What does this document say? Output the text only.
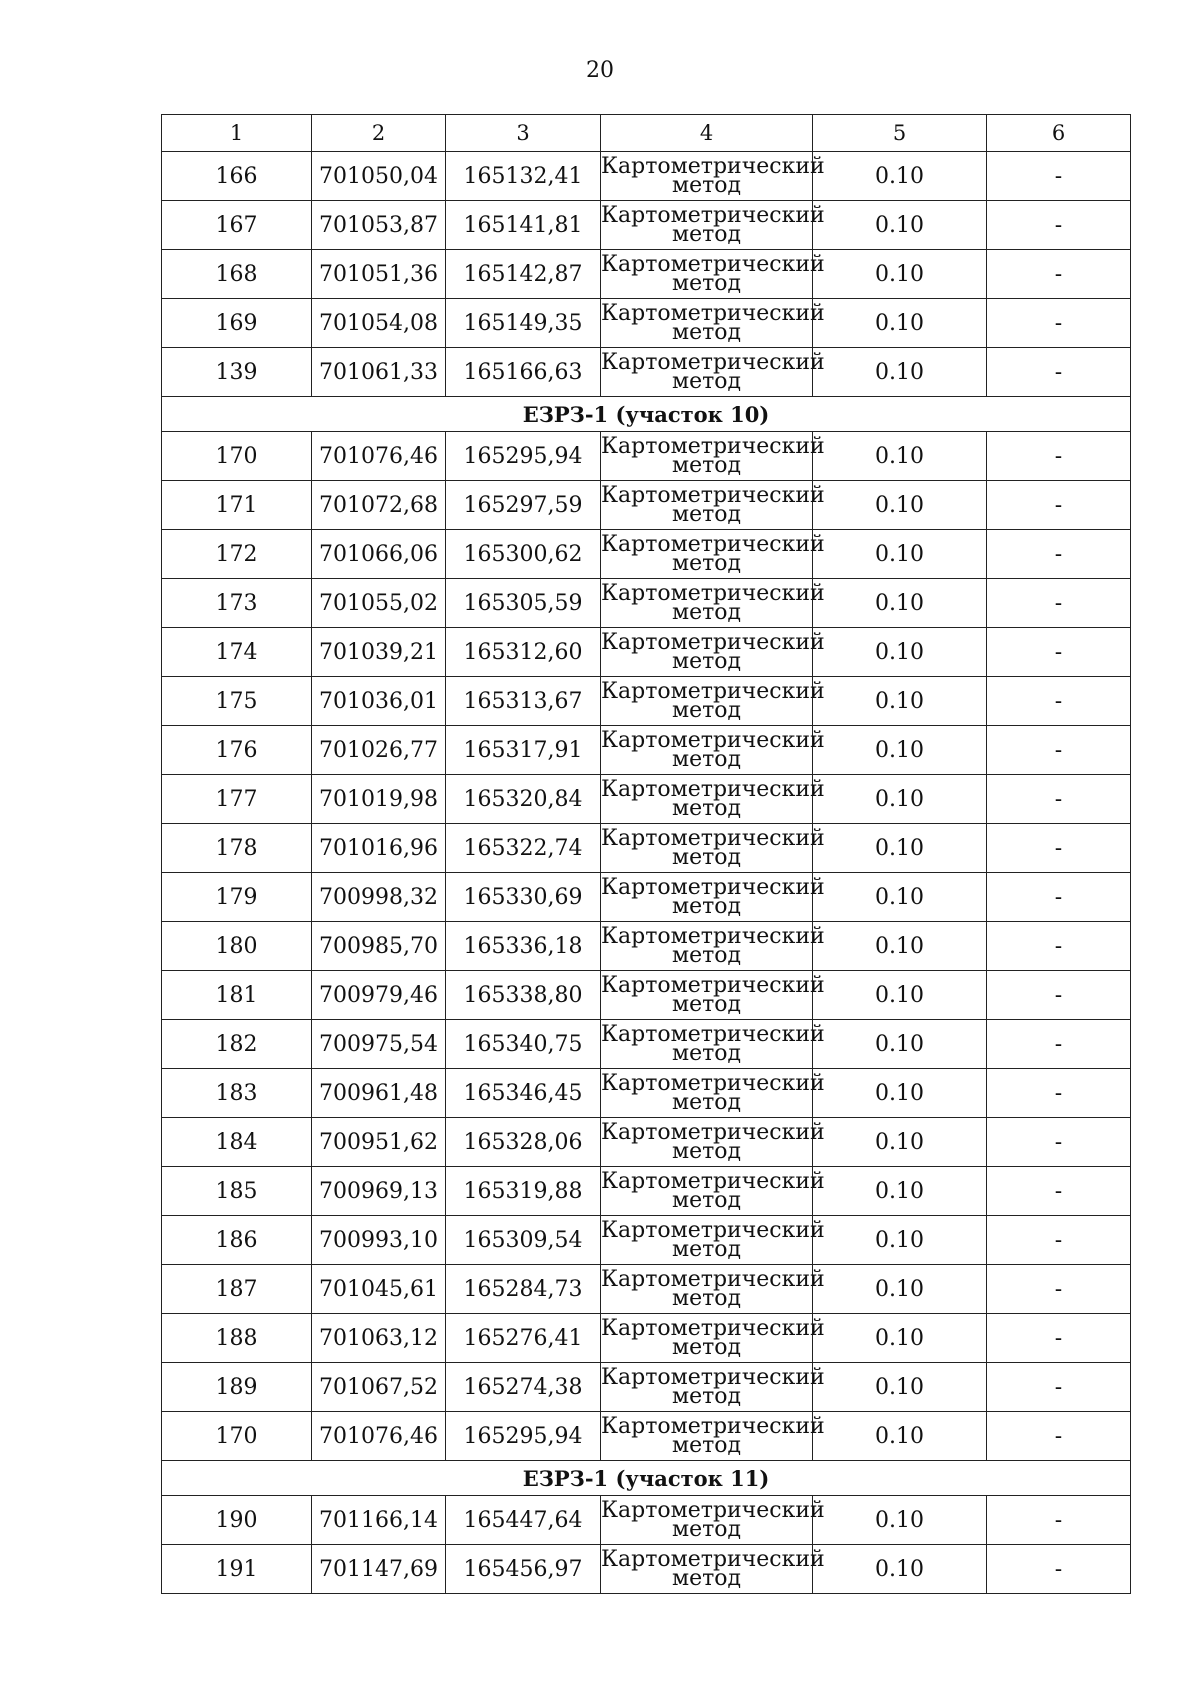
20
1	2	3	4	5	6
166	701050,04	165132,41	Картометрический метод	0.10	-
167	701053,87	165141,81	Картометрический метод	0.10	-
168	701051,36	165142,87	Картометрический метод	0.10	-
169	701054,08	165149,35	Картометрический метод	0.10	-
139	701061,33	165166,63	Картометрический метод	0.10	-
ЕЗРЗ-1 (участок 10)					
170	701076,46	165295,94	Картометрический метод	0.10	-
171	701072,68	165297,59	Картометрический метод	0.10	-
172	701066,06	165300,62	Картометрический метод	0.10	-
173	701055,02	165305,59	Картометрический метод	0.10	-
174	701039,21	165312,60	Картометрический метод	0.10	-
175	701036,01	165313,67	Картометрический метод	0.10	-
176	701026,77	165317,91	Картометрический метод	0.10	-
177	701019,98	165320,84	Картометрический метод	0.10	-
178	701016,96	165322,74	Картометрический метод	0.10	-
179	700998,32	165330,69	Картометрический метод	0.10	-
180	700985,70	165336,18	Картометрический метод	0.10	-
181	700979,46	165338,80	Картометрический метод	0.10	-
182	700975,54	165340,75	Картометрический метод	0.10	-
183	700961,48	165346,45	Картометрический метод	0.10	-
184	700951,62	165328,06	Картометрический метод	0.10	-
185	700969,13	165319,88	Картометрический метод	0.10	-
186	700993,10	165309,54	Картометрический метод	0.10	-
187	701045,61	165284,73	Картометрический метод	0.10	-
188	701063,12	165276,41	Картометрический метод	0.10	-
189	701067,52	165274,38	Картометрический метод	0.10	-
170	701076,46	165295,94	Картометрический метод	0.10	-
ЕЗРЗ-1 (участок 11)					
190	701166,14	165447,64	Картометрический метод	0.10	-
191	701147,69	165456,97	Картометрический метод	0.10	-
